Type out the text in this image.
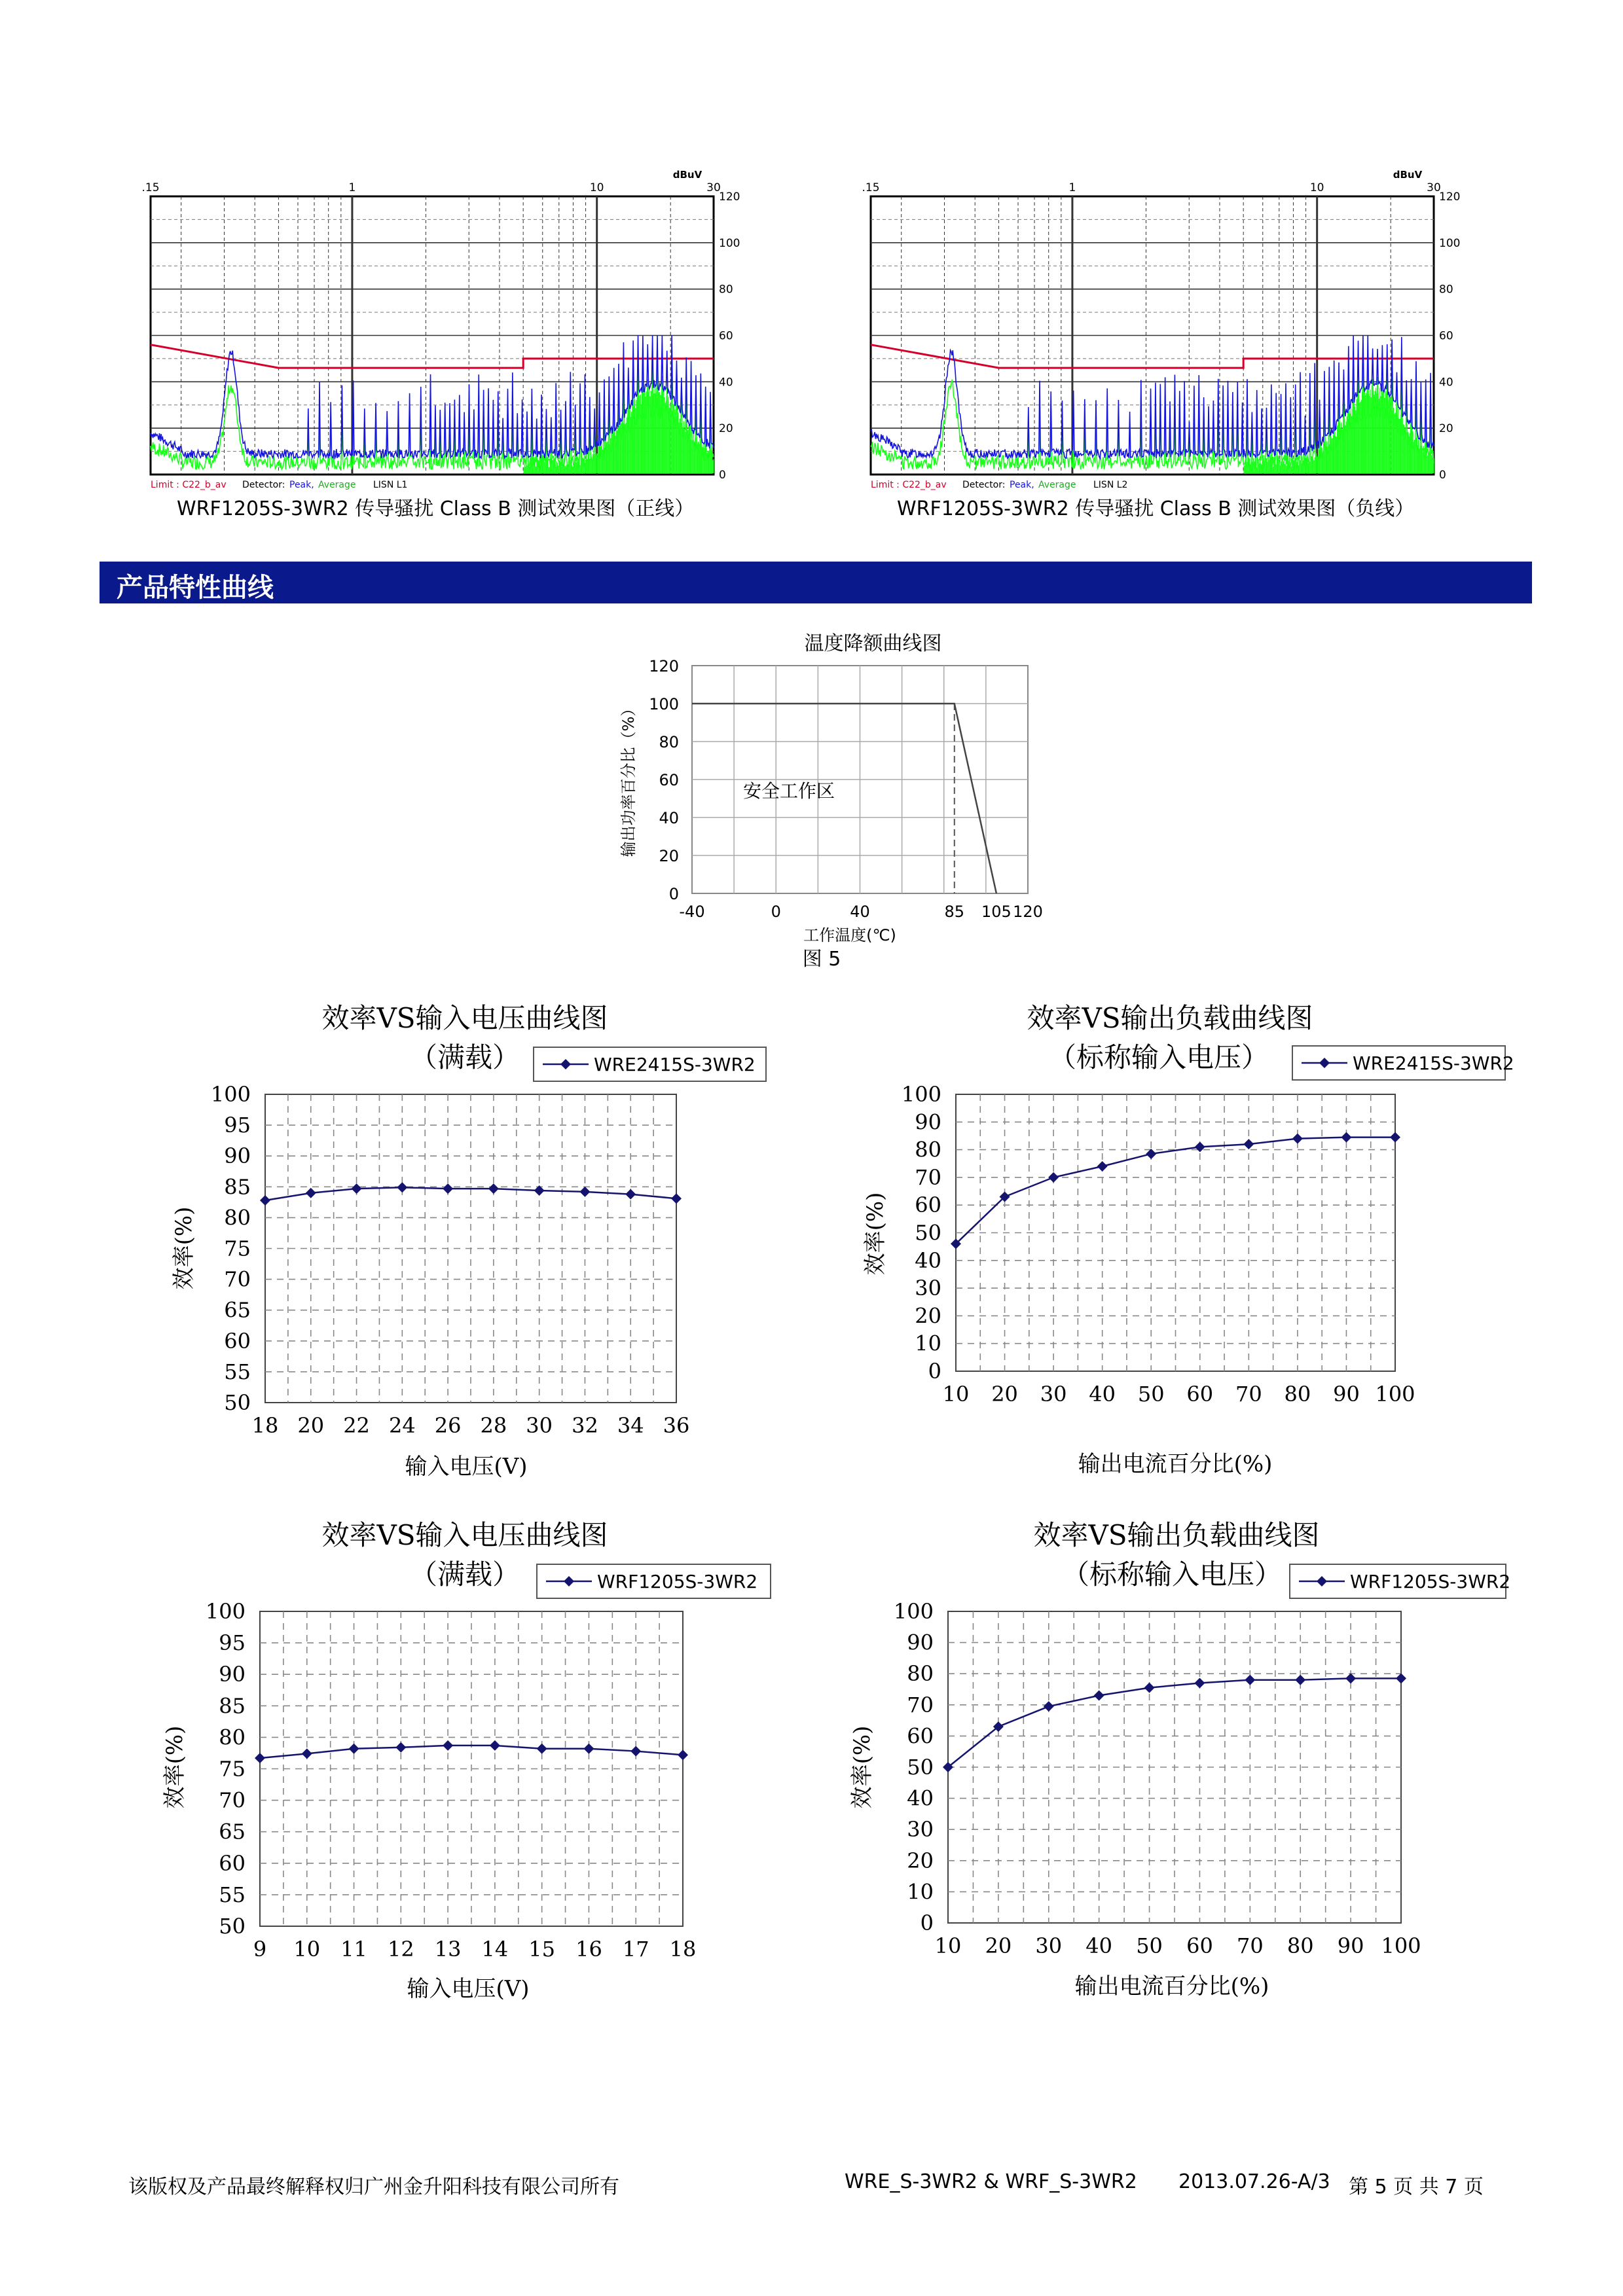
.15	1	10	30
dBuV
120
100
80
60
40
20
0
Limit : C22_b_av Detector: Peak, Average LISN L1
WRF1205S-3WR2 传导骚扰 Class B 测试效果图（正线）
.15	1	10	30
dBuV
120
100
80
60
40
20
0
Limit : C22_b_av Detector: Peak, Average LISN L2
WRF1205S-3WR2 传导骚扰 Class B 测试效果图（负线）
温度降额曲线图
120
100
80
60
40
20
0
-40	0	40	85 105 120
安全工作区
输出功率百分比（%）
工作温度(℃)
图 5
效率VS输入电压曲线图
（满载）
50
55
60
65
70
75
80
85
90
95
100
18 20 22 24 26 28 30 32 34 36
输入电压(V)
效率(%)
WRE2415S-3WR2
效率VS输出负载曲线图
（标称输入电压）
0
10
20
30
40
50
60
70
80
90
100
10 20 30 40 50 60 70 80 90 100
输出电流百分比(%)
效率(%)
WRE2415S-3WR2
效率VS输入电压曲线图
（满载）
50
55
60
65
70
75
80
85
90
95
100
9 10 11 12 13 14 15 16 17 18
输入电压(V)
效率(%)
WRF1205S-3WR2
效率VS输出负载曲线图
（标称输入电压）
0
10
20
30
40
50
60
70
80
90
100
10 20 30 40 50 60 70 80 90 100
输出电流百分比(%)
效率(%)
WRF1205S-3WR2
产品特性曲线
该版权及产品最终解释权归广州金升阳科技有限公司所有	WRE_S-3WR2 & WRF_S-3WR2 2013.07.26-A/3 第 5 页 共 7 页
